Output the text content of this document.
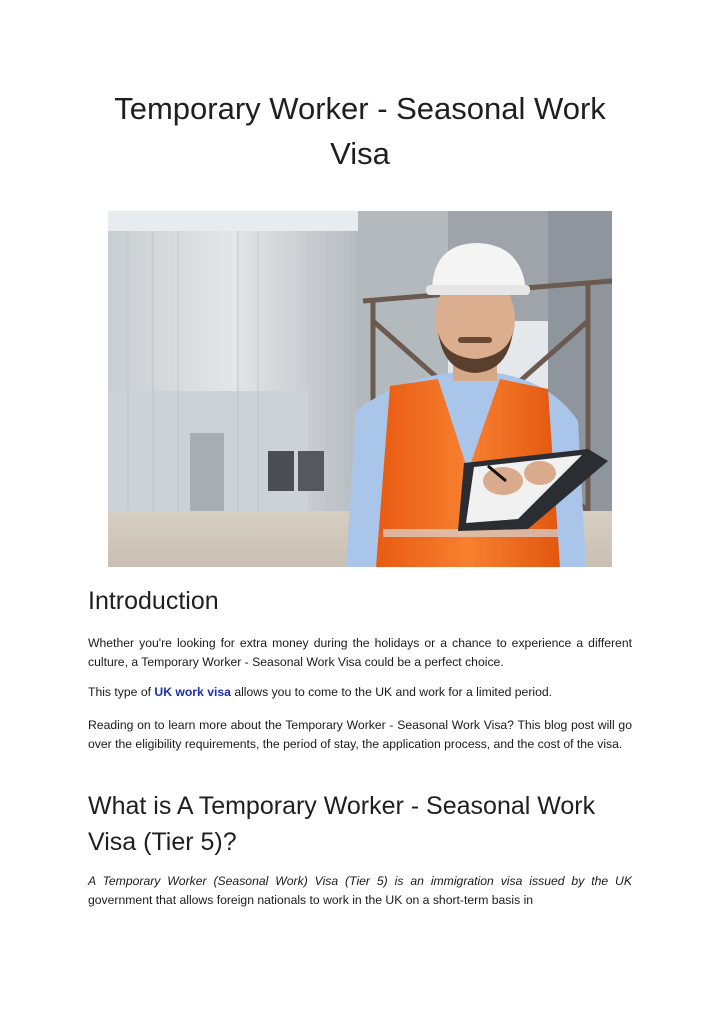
Temporary Worker - Seasonal Work Visa
Introduction

Whether you're looking for extra money during the holidays or a chance to experience a different culture, a Temporary Worker - Seasonal Work Visa could be a perfect choice.

This type of UK work visa allows you to come to the UK and work for a limited period.

Reading on to learn more about the Temporary Worker - Seasonal Work Visa? This blog post will go over the eligibility requirements, the period of stay, the application process, and the cost of the visa.

What is A Temporary Worker - Seasonal Work Visa (Tier 5)?

A Temporary Worker (Seasonal Work) Visa (Tier 5) is an immigration visa issued by the UK government that allows foreign nationals to work in the UK on a short-term basis in
